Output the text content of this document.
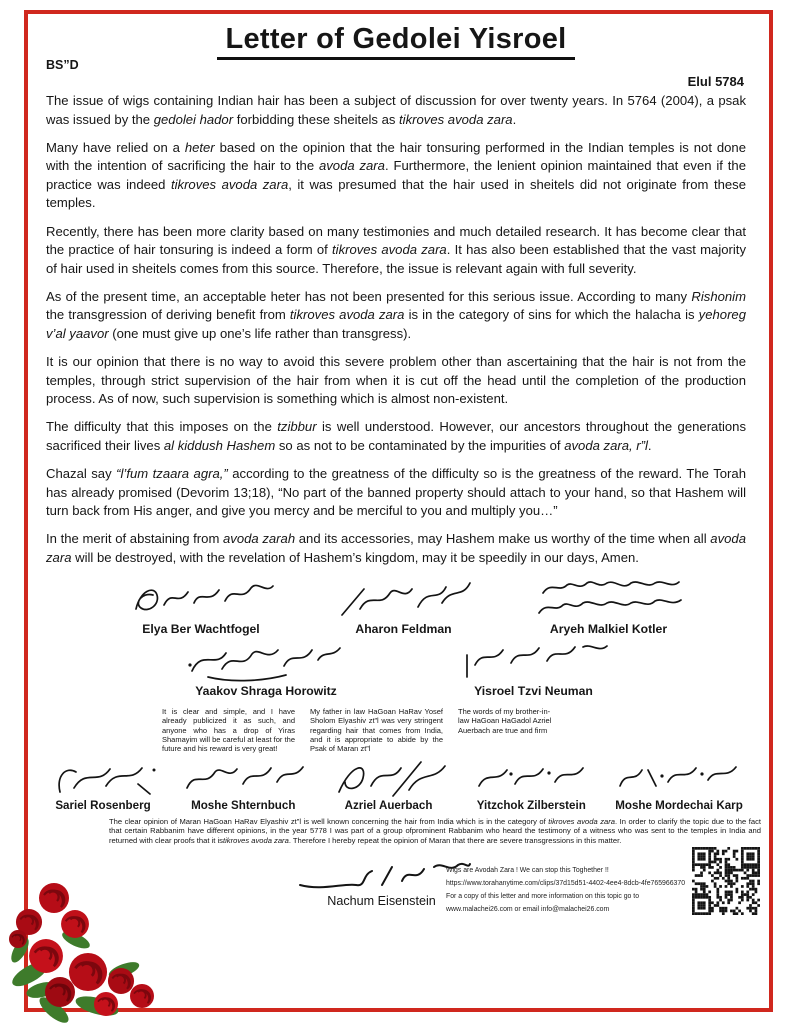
Letter of Gedolei Yisroel
BS”D
Elul 5784

The issue of wigs containing Indian hair has been a subject of discussion for over twenty years. In 5764 (2004), a psak was issued by the gedolei hador forbidding these sheitels as tikroves avoda zara.

Many have relied on a heter based on the opinion that the hair tonsuring performed in the Indian temples is not done with the intention of sacrificing the hair to the avoda zara. Furthermore, the lenient opinion maintained that even if the practice was indeed tikroves avoda zara, it was presumed that the hair used in sheitels did not originate from these temples.

Recently, there has been more clarity based on many testimonies and much detailed research. It has become clear that the practice of hair tonsuring is indeed a form of tikroves avoda zara. It has also been established that the vast majority of hair used in sheitels comes from this source. Therefore, the issue is relevant again with full severity.

As of the present time, an acceptable heter has not been presented for this serious issue. According to many Rishonim the transgression of deriving benefit from tikroves avoda zara is in the category of sins for which the halacha is yehoreg v’al yaavor (one must give up one’s life rather than transgress).

It is our opinion that there is no way to avoid this severe problem other than ascertaining that the hair is not from the temples, through strict supervision of the hair from when it is cut off the head until the completion of the production process. As of now, such supervision is something which is almost non-existent.

The difficulty that this imposes on the tzibbur is well understood. However, our ancestors throughout the generations sacrificed their lives al kiddush Hashem so as not to be contaminated by the impurities of avoda zara, r”l.

Chazal say “l’fum tzaara agra,” according to the greatness of the difficulty so is the greatness of the reward. The Torah has already promised (Devorim 13;18), “No part of the banned property should attach to your hand, so that Hashem will turn back from His anger, and give you mercy and be merciful to you and multiply you…”

In the merit of abstaining from avoda zarah and its accessories, may Hashem make us worthy of the time when all avoda zara will be destroyed, with the revelation of Hashem’s kingdom, may it be speedily in our days, Amen.

Elya Ber Wachtfogel	Aharon Feldman	Aryeh Malkiel Kotler
Yaakov Shraga Horowitz	Yisroel Tzvi Neuman
It is clear and simple, and I have already publicized it as such, and anyone who has a drop of Yiras Shamayim will be careful at least for the future and his reward is very great!
My father in law HaGoan HaRav Yosef Sholom Elyashiv zt”l was very stringent regarding hair that comes from India, and it is appropriate to abide by the Psak of Maran zt”l
The words of my brother-in-law HaGoan HaGadol Azriel Auerbach are true and firm
Sariel Rosenberg	Moshe Shternbuch	Azriel Auerbach	Yitzchok Zilberstein	Moshe Mordechai Karp

The clear opinion of Maran HaGoan HaRav Elyashiv zt”l is well known concerning the hair from India which is in the category of tikroves avoda zara. In order to clarify the topic due to the fact that certain Rabbanim have different opinions, in the year 5778 I was part of a group ofprominent Rabbanim who heard the testimony of a witness who was sent to the temples in India and returned with clear proofs that it istikroves avoda zara. Therefore I hereby repeat the opinion of Maran that there are severe transgressions in this matter.

Nachum Eisenstein
Wigs are Avodah Zara ! We can stop this Toghether !!
https://www.torahanytime.com/clips/37d15d51-4402-4ee4-8dcb-4fe765966370
For a copy of this letter and more information on this topic go to
www.malachei26.com or email info@malachei26.com
